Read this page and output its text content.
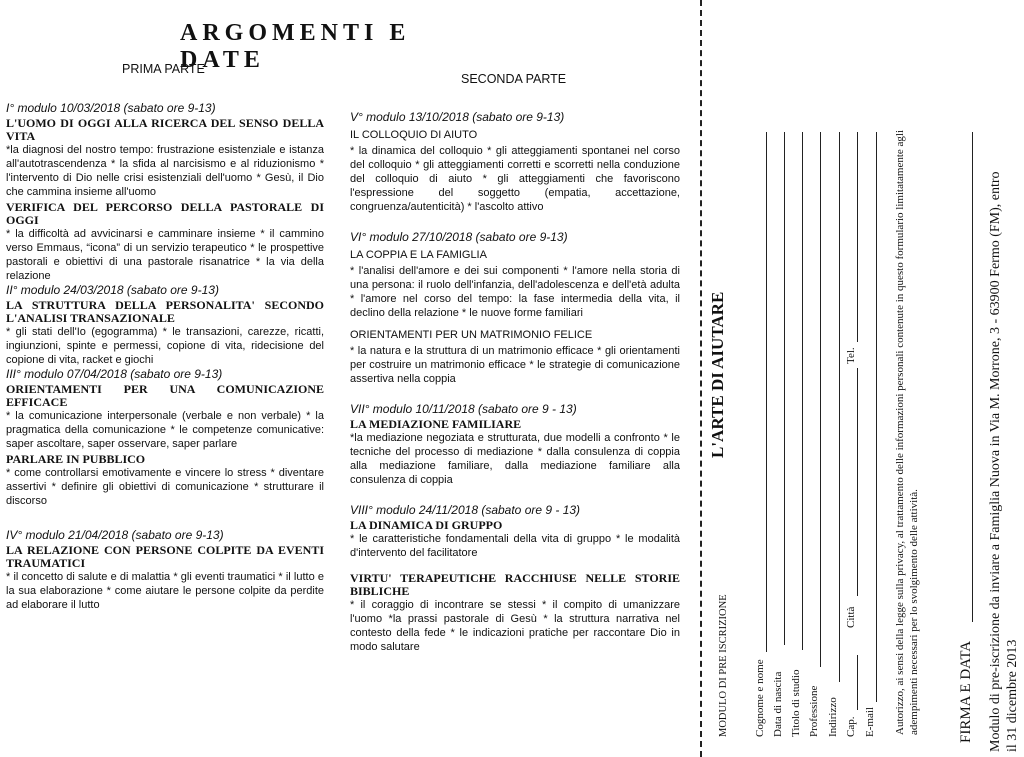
ARGOMENTI E DATE
PRIMA PARTE
SECONDA PARTE
I° modulo 10/03/2018 (sabato ore 9-13)
L'UOMO DI OGGI ALLA RICERCA DEL SENSO DELLA VITA
*la diagnosi del nostro tempo: frustrazione esistenziale e istanza all'autotrascendenza * la sfida al narcisismo e al riduzionismo * l'intervento di Dio nelle crisi esistenziali dell'uomo * Gesù, il Dio che cammina insieme all'uomo
VERIFICA DEL PERCORSO DELLA PASTORALE DI OGGI
* la difficoltà ad avvicinarsi e camminare insieme * il cammino verso Emmaus, “icona” di un servizio terapeutico * le prospettive pastorali e obiettivi di una pastorale risanatrice * la via della relazione
II° modulo 24/03/2018 (sabato ore 9-13)
LA STRUTTURA DELLA PERSONALITA' SECONDO L'ANALISI TRANSAZIONALE
* gli stati dell'Io (egogramma) * le transazioni, carezze, ricatti, ingiunzioni, spinte e permessi, copione di vita, ridecisione del copione di vita, racket e giochi
III° modulo 07/04/2018 (sabato ore 9-13)
ORIENTAMENTI PER UNA COMUNICAZIONE EFFICACE
* la comunicazione interpersonale (verbale e non verbale) * la pragmatica della comunicazione * le competenze comunicative: saper ascoltare, saper osservare, saper parlare
PARLARE IN PUBBLICO
* come controllarsi emotivamente e vincere lo stress * diventare assertivi * definire gli obiettivi di comunicazione * strutturare il discorso
IV° modulo 21/04/2018 (sabato ore 9-13)
LA RELAZIONE CON PERSONE COLPITE DA EVENTI TRAUMATICI
* il concetto di salute e di malattia * gli eventi traumatici * il lutto e la sua elaborazione * come aiutare le persone colpite da perdite ad elaborare il lutto
V° modulo 13/10/2018 (sabato ore 9-13)
IL COLLOQUIO DI AIUTO
* la dinamica del colloquio * gli atteggiamenti spontanei nel corso del colloquio * gli atteggiamenti corretti e scorretti nella conduzione del colloquio di aiuto * gli atteggiamenti che favoriscono l'espressione del soggetto (empatia, accettazione, congruenza/autenticità) * l'ascolto attivo
VI° modulo 27/10/2018 (sabato ore 9-13)
LA COPPIA E LA FAMIGLIA
* l'analisi dell'amore e dei sui componenti * l'amore nella storia di una persona: il ruolo dell'infanzia, dell'adolescenza e dell'età adulta * l'amore nel corso del tempo: la fase intermedia della vita, il declino della relazione * le nuove forme familiari
ORIENTAMENTI PER UN MATRIMONIO FELICE
* la natura e la struttura di un matrimonio efficace * gli orientamenti per costruire un matrimonio efficace * le strategie di comunicazione assertiva nella coppia
VII° modulo 10/11/2018 (sabato ore 9 - 13)
LA MEDIAZIONE FAMILIARE
*la mediazione negoziata e strutturata, due modelli a confronto * le tecniche del processo di mediazione * dalla consulenza di coppia alla mediazione familiare, dalla mediazione familiare alla consulenza di coppia
VIII° modulo 24/11/2018 (sabato ore 9 - 13)
LA DINAMICA DI GRUPPO
* le caratteristiche fondamentali della vita di gruppo * le modalità d'intervento del facilitatore
VIRTU' TERAPEUTICHE RACCHIUSE NELLE STORIE BIBLICHE
* il coraggio di incontrare se stessi * il compito di umanizzare l'uomo *la prassi pastorale di Gesù * la struttura narrativa nel contesto della fede * le indicazioni pratiche per raccontare Dio in modo salutare
L'ARTE DI AIUTARE
MODULO DI PRE ISCRIZIONE Cognome e nome Data di nascita Titolo di studio Professione Indirizzo Cap.
Città
Tel.
E-mail Autorizzo, ai sensi della legge sulla privacy, al trattamento delle informazioni personali contenute in questo formulario limitatamente agli adempimenti necessari per lo svolgimento delle attività.	FIRMA E DATA Modulo di pre-iscrizione da inviare a Famiglia Nuova in Via M. Morrone, 3 - 63900 Fermo (FM), entro il 31 dicembre 2013
